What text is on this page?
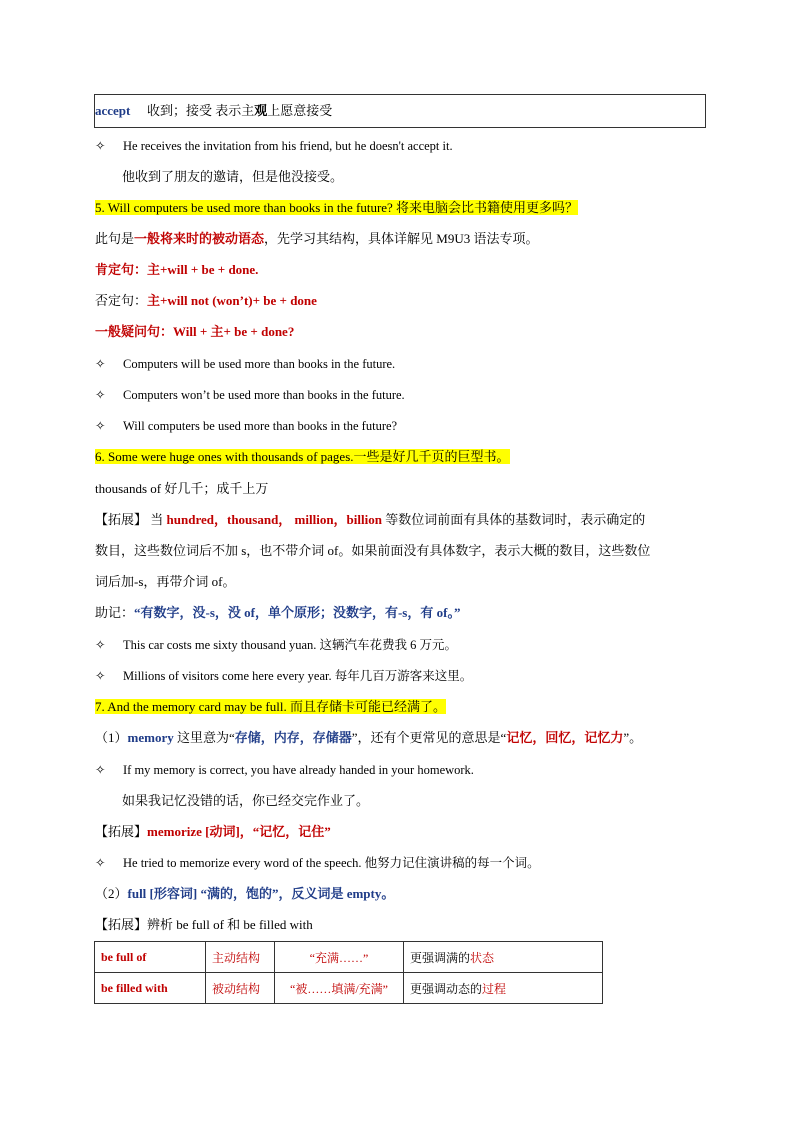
accept 收到；接受 表示主观上愿意接受
✧ He receives the invitation from his friend, but he doesn't accept it.
他收到了朋友的邀请，但是他没接受。
5. Will computers be used more than books in the future? 将来电脑会比书籍使用更多吗？
此句是一般将来时的被动语态，先学习其结构，具体详解见 M9U3 语法专项。
肯定句：主+will + be + done.
否定句：主+will not (won’t)+ be + done
一般疑问句：Will + 主+ be + done?
✧ Computers will be used more than books in the future.
✧ Computers won’t be used more than books in the future.
✧ Will computers be used more than books in the future?
6. Some were huge ones with thousands of pages.一些是好几千页的巨型书。
thousands of 好几千；成千上万
【拓展】 当 hundred，thousand， million，billion 等数位词前面有具体的基数词时，表示确定的
数目，这些数位词后不加 s，也不带介词 of。如果前面没有具体数字，表示大概的数目，这些数位
词后加-s，再带介词 of。
助记：“有数字，没-s，没 of，单个原形；没数字，有-s，有 of。”
✧ This car costs me sixty thousand yuan. 这辆汽车花费我 6 万元。
✧ Millions of visitors come here every year. 每年几百万游客来这里。
7. And the memory card may be full. 而且存储卡可能已经满了。
（1）memory 这里意为“存储，内存，存储器”，还有个更常见的意思是“记忆，回忆，记忆力”。
✧ If my memory is correct, you have already handed in your homework.
如果我记忆没错的话，你已经交完作业了。
【拓展】memorize [动词]，“记忆，记住”
✧ He tried to memorize every word of the speech. 他努力记住演讲稿的每一个词。
（2）full [形容词] “满的，饱的”，反义词是 empty。
【拓展】辨析 be full of 和 be filled with
be full of	主动结构	“充满……”	更强调满的状态
be filled with	被动结构	“被……填满/充满”	更强调动态的过程
